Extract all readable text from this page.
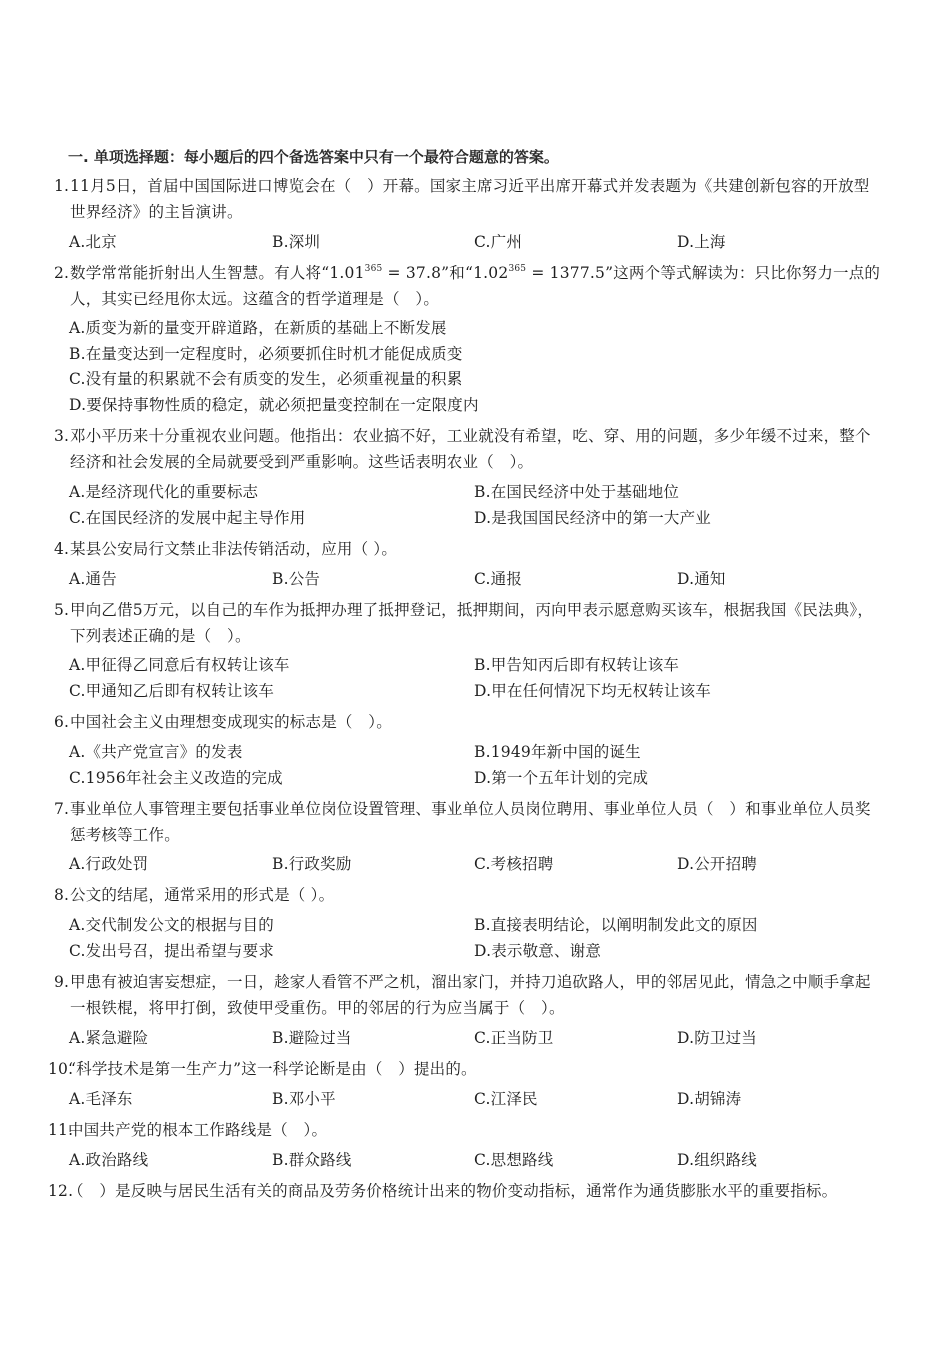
一. 单项选择题：每小题后的四个备选答案中只有一个最符合题意的答案。
1. 11月5日，首届中国国际进口博览会在（　）开幕。国家主席习近平出席开幕式并发表题为《共建创新包容的开放型世界经济》的主旨演讲。
A.北京	B.深圳	C.广州	D.上海
2. 数学常常能折射出人生智慧。有人将“$1.01^{365} = 37.8$”和“$1.02^{365} = 1377.5$”这两个等式解读为：只比你努力一点的人，其实已经甩你太远。这蕴含的哲学道理是（　）。
A.质变为新的量变开辟道路，在新质的基础上不断发展
B.在量变达到一定程度时，必须要抓住时机才能促成质变
C.没有量的积累就不会有质变的发生，必须重视量的积累
D.要保持事物性质的稳定，就必须把量变控制在一定限度内
3. 邓小平历来十分重视农业问题。他指出：农业搞不好，工业就没有希望，吃、穿、用的问题，多少年缓不过来，整个经济和社会发展的全局就要受到严重影响。这些话表明农业（　）。
A.是经济现代化的重要标志	B.在国民经济中处于基础地位
C.在国民经济的发展中起主导作用	D.是我国国民经济中的第一大产业
4. 某县公安局行文禁止非法传销活动，应用（ ）。
A.通告	B.公告	C.通报	D.通知
5. 甲向乙借5万元，以自己的车作为抵押办理了抵押登记，抵押期间，丙向甲表示愿意购买该车，根据我国《民法典》，下列表述正确的是（　）。
A.甲征得乙同意后有权转让该车	B.甲告知丙后即有权转让该车
C.甲通知乙后即有权转让该车	D.甲在任何情况下均无权转让该车
6. 中国社会主义由理想变成现实的标志是（　）。
A.《共产党宣言》的发表	B.1949年新中国的诞生
C.1956年社会主义改造的完成	D.第一个五年计划的完成
7. 事业单位人事管理主要包括事业单位岗位设置管理、事业单位人员岗位聘用、事业单位人员（　）和事业单位人员奖惩考核等工作。
A.行政处罚	B.行政奖励	C.考核招聘	D.公开招聘
8. 公文的结尾，通常采用的形式是（ ）。
A.交代制发公文的根据与目的	B.直接表明结论，以阐明制发此文的原因
C.发出号召，提出希望与要求	D.表示敬意、谢意
9. 甲患有被迫害妄想症，一日，趁家人看管不严之机，溜出家门，并持刀追砍路人，甲的邻居见此，情急之中顺手拿起一根铁棍，将甲打倒，致使甲受重伤。甲的邻居的行为应当属于（　）。
A.紧急避险	B.避险过当	C.正当防卫	D.防卫过当
10.
“科学技术是第一生产力”这一科学论断是由（　）提出的。
A.毛泽东	B.邓小平	C.江泽民	D.胡锦涛
11.
中国共产党的根本工作路线是（　）。
A.政治路线	B.群众路线	C.思想路线	D.组织路线
12.
（　）是反映与居民生活有关的商品及劳务价格统计出来的物价变动指标，通常作为通货膨胀水平的重要指标。
